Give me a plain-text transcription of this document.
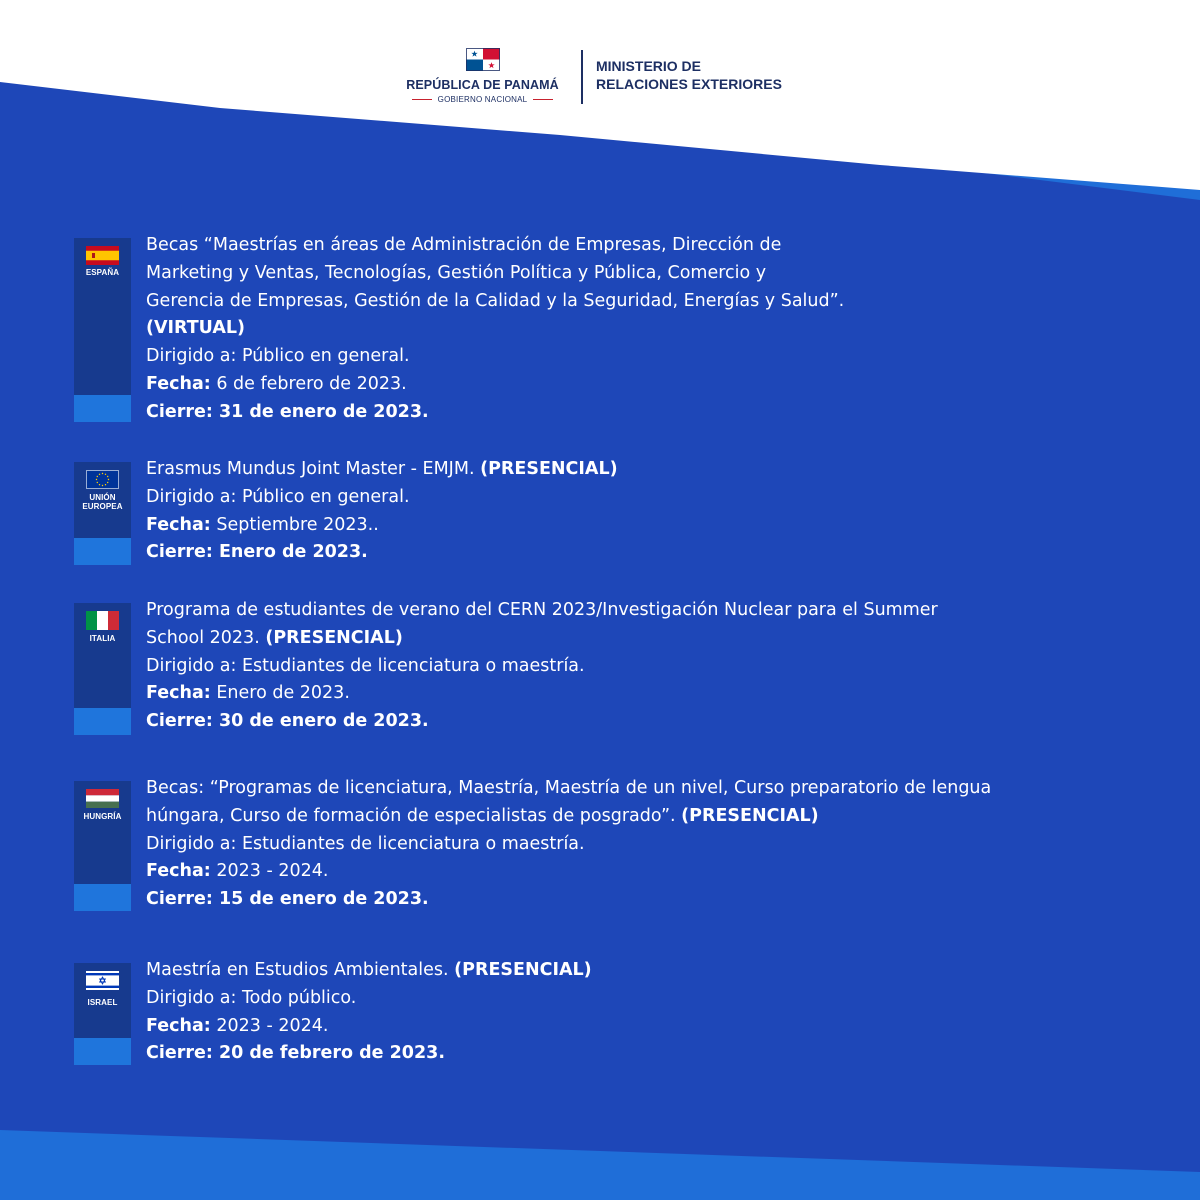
REPÚBLICA DE PANAMÁ
GOBIERNO NACIONAL
MINISTERIO DE
RELACIONES EXTERIORES
ESPAÑA
Becas “Maestrías en áreas de Administración de Empresas, Dirección de
Marketing y Ventas, Tecnologías, Gestión Política y Pública, Comercio y
Gerencia de Empresas, Gestión de la Calidad y la Seguridad, Energías y Salud”.
(VIRTUAL)
Dirigido a: Público en general.
Fecha: 6 de febrero de 2023.
Cierre: 31 de enero de 2023.
UNIÓN
EUROPEA
Erasmus Mundus Joint Master - EMJM. (PRESENCIAL)
Dirigido a: Público en general.
Fecha: Septiembre 2023..
Cierre: Enero de 2023.
ITALIA
Programa de estudiantes de verano del CERN 2023/Investigación Nuclear para el Summer
School 2023. (PRESENCIAL)
Dirigido a: Estudiantes de licenciatura o maestría.
Fecha: Enero de 2023.
Cierre: 30 de enero de 2023.
HUNGRÍA
Becas: “Programas de licenciatura, Maestría, Maestría de un nivel, Curso preparatorio de lengua
húngara, Curso de formación de especialistas de posgrado”. (PRESENCIAL)
Dirigido a: Estudiantes de licenciatura o maestría.
Fecha: 2023 - 2024.
Cierre: 15 de enero de 2023.
ISRAEL
Maestría en Estudios Ambientales. (PRESENCIAL)
Dirigido a: Todo público.
Fecha: 2023 - 2024.
Cierre: 20 de febrero de 2023.
